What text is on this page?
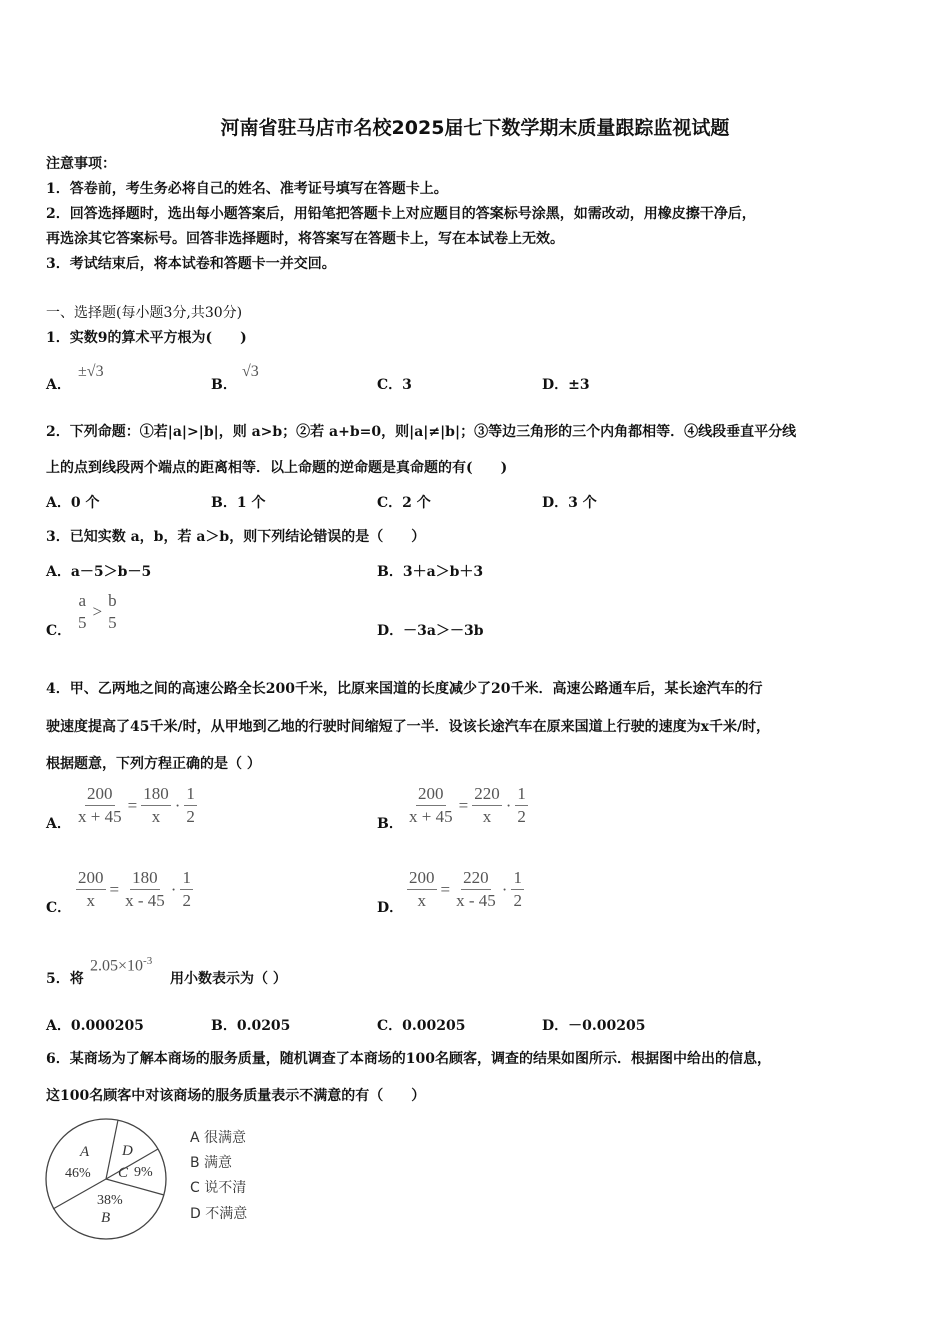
河南省驻马店市名校2025届七下数学期末质量跟踪监视试题
注意事项：
1．答卷前，考生务必将自己的姓名、准考证号填写在答题卡上。
2．回答选择题时，选出每小题答案后，用铅笔把答题卡上对应题目的答案标号涂黑，如需改动，用橡皮擦干净后，
再选涂其它答案标号。回答非选择题时，将答案写在答题卡上，写在本试卷上无效。
3．考试结束后，将本试卷和答题卡一并交回。
一、选择题(每小题3分,共30分)
1．实数9的算术平方根为(　　)
A．
±√3
B．
√3
C．3	D．±3
2．下列命题：①若|a|>|b|，则 a>b；②若 a+b=0，则|a|≠|b|；③等边三角形的三个内角都相等．④线段垂直平分线
上的点到线段两个端点的距离相等．以上命题的逆命题是真命题的有(　　)
A．0 个	B．1 个	C．2 个	D．3 个
3．已知实数 a，b，若 a＞b，则下列结论错误的是（　　）
A．a－5＞b－5	B．3＋a＞b＋3
C．
a
5
>
b
5	D．－3a＞－3b
4．甲、乙两地之间的高速公路全长200千米，比原来国道的长度减少了20千米．高速公路通车后，某长途汽车的行
驶速度提高了45千米/时，从甲地到乙地的行驶时间缩短了一半．设该长途汽车在原来国道上行驶的速度为x千米/时，
根据题意，下列方程正确的是（ ）
A． $\frac{200}{x + 45} = \frac{180}{x} \cdot \frac{1}{2}$	B． $\frac{200}{x + 45} = \frac{220}{x} \cdot \frac{1}{2}$
C． $\frac{200}{x} = \frac{180}{x - 45} \cdot \frac{1}{2}$	D． $\frac{200}{x} = \frac{220}{x - 45} \cdot \frac{1}{2}$
5．将
$2.05\times 10^{-3}$
用小数表示为（ ）
A．0.000205	B．0.0205	C．0.00205	D．－0.00205
6．某商场为了解本商场的服务质量，随机调查了本商场的100名顾客，调查的结果如图所示．根据图中给出的信息，
这100名顾客中对该商场的服务质量表示不满意的有（　　）
A
46%
D
C 9%
38%
B
A 很满意
B 满意
C 说不清
D 不满意
